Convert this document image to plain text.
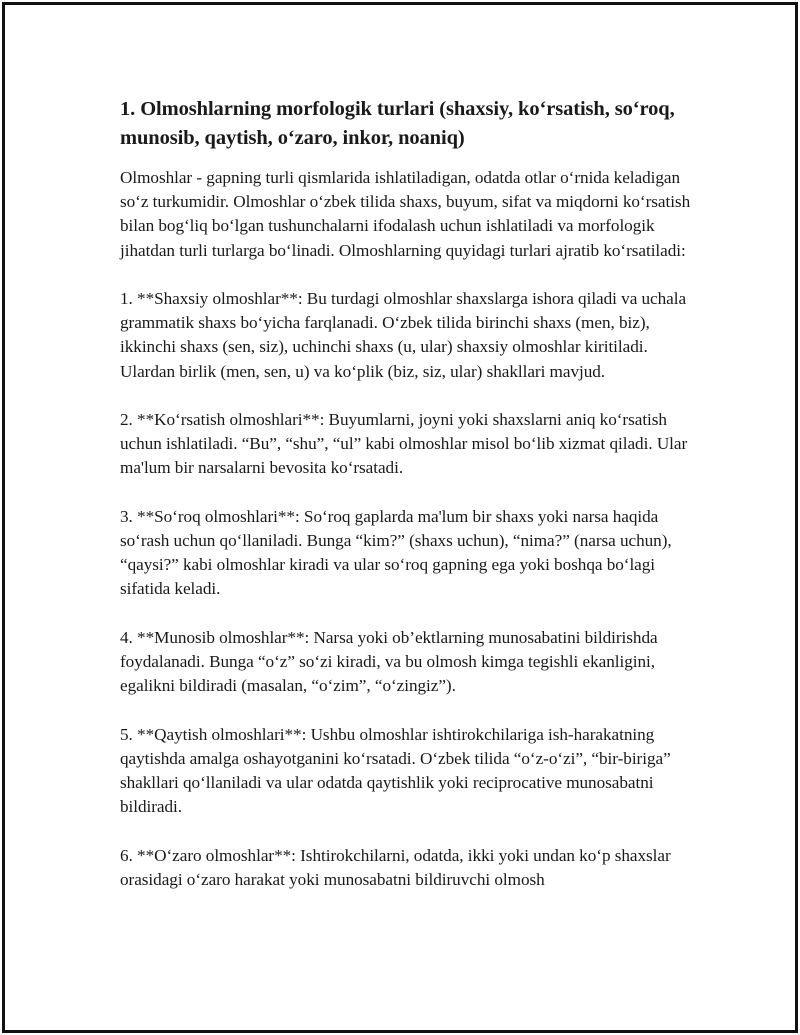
1. Olmoshlarning morfologik turlari (shaxsiy, ko‘rsatish, so‘roq, munosib, qaytish, o‘zaro, inkor, noaniq)

Olmoshlar - gapning turli qismlarida ishlatiladigan, odatda otlar o‘rnida keladigan so‘z turkumidir. Olmoshlar o‘zbek tilida shaxs, buyum, sifat va miqdorni ko‘rsatish bilan bog‘liq bo‘lgan tushunchalarni ifodalash uchun ishlatiladi va morfologik jihatdan turli turlarga bo‘linadi. Olmoshlarning quyidagi turlari ajratib ko‘rsatiladi:

1. **Shaxsiy olmoshlar**: Bu turdagi olmoshlar shaxslarga ishora qiladi va uchala grammatik shaxs bo‘yicha farqlanadi. O‘zbek tilida birinchi shaxs (men, biz), ikkinchi shaxs (sen, siz), uchinchi shaxs (u, ular) shaxsiy olmoshlar kiritiladi. Ulardan birlik (men, sen, u) va ko‘plik (biz, siz, ular) shakllari mavjud.

2. **Ko‘rsatish olmoshlari**: Buyumlarni, joyni yoki shaxslarni aniq ko‘rsatish uchun ishlatiladi. “Bu”, “shu”, “ul” kabi olmoshlar misol bo‘lib xizmat qiladi. Ular ma'lum bir narsalarni bevosita ko‘rsatadi.

3. **So‘roq olmoshlari**: So‘roq gaplarda ma'lum bir shaxs yoki narsa haqida so‘rash uchun qo‘llaniladi. Bunga “kim?” (shaxs uchun), “nima?” (narsa uchun), “qaysi?” kabi olmoshlar kiradi va ular so‘roq gapning ega yoki boshqa bo‘lagi sifatida keladi.

4. **Munosib olmoshlar**: Narsa yoki ob’ektlarning munosabatini bildirishda foydalanadi. Bunga “o‘z” so‘zi kiradi, va bu olmosh kimga tegishli ekanligini, egalikni bildiradi (masalan, “o‘zim”, “o‘zingiz”).

5. **Qaytish olmoshlari**: Ushbu olmoshlar ishtirokchilariga ish-harakatning qaytishda amalga oshayotganini ko‘rsatadi. O‘zbek tilida “o‘z-o‘zi”, “bir-biriga” shakllari qo‘llaniladi va ular odatda qaytishlik yoki reciprocative munosabatni bildiradi.

6. **O‘zaro olmoshlar**: Ishtirokchilarni, odatda, ikki yoki undan ko‘p shaxslar orasidagi o‘zaro harakat yoki munosabatni bildiruvchi olmosh
